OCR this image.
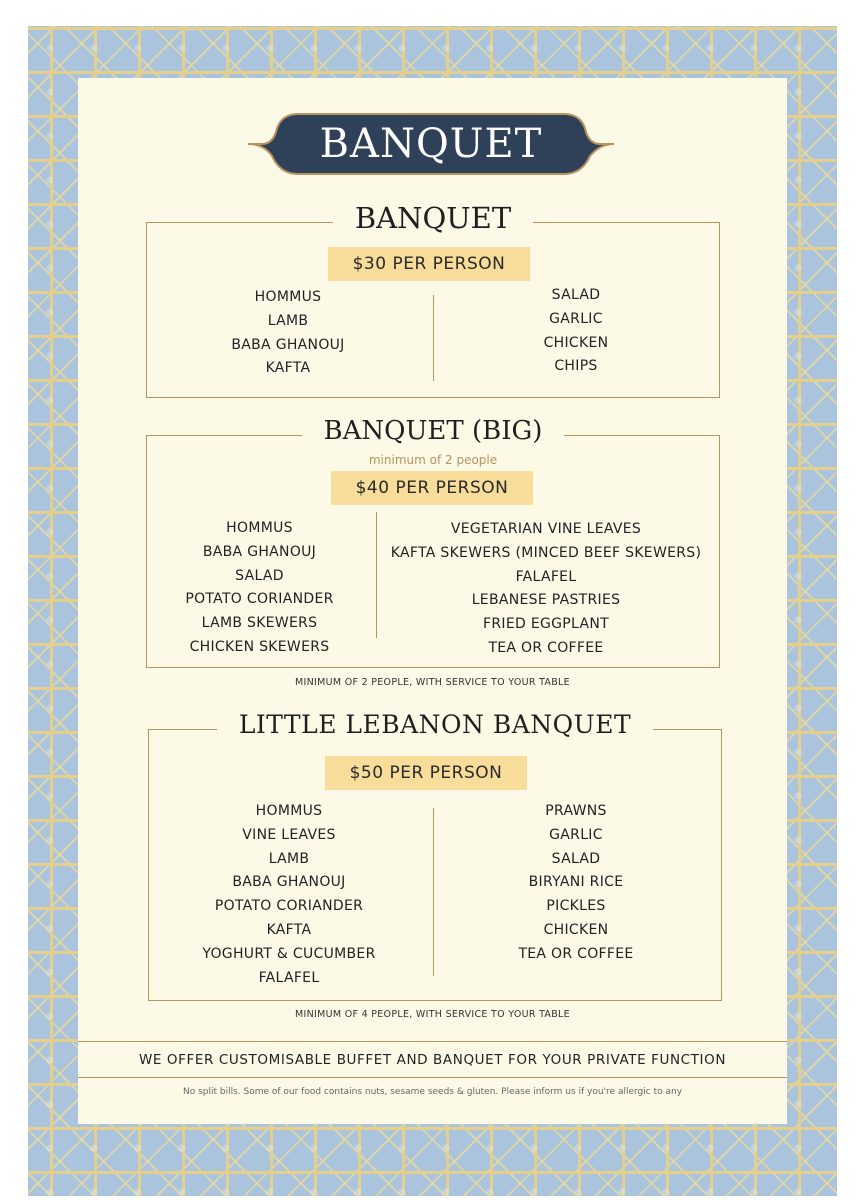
BANQUET
BANQUET
$30 PER PERSON
HOMMUS
LAMB
BABA GHANOUJ
KAFTA
SALAD
GARLIC
CHICKEN
CHIPS
BANQUET (BIG)
minimum of 2 people
$40 PER PERSON
HOMMUS
BABA GHANOUJ
SALAD
POTATO CORIANDER
LAMB SKEWERS
CHICKEN SKEWERS
VEGETARIAN VINE LEAVES
KAFTA SKEWERS (MINCED BEEF SKEWERS)
FALAFEL
LEBANESE PASTRIES
FRIED EGGPLANT
TEA OR COFFEE
MINIMUM OF 2 PEOPLE, WITH SERVICE TO YOUR TABLE
LITTLE LEBANON BANQUET
$50 PER PERSON
HOMMUS
VINE LEAVES
LAMB
BABA GHANOUJ
POTATO CORIANDER
KAFTA
YOGHURT & CUCUMBER
FALAFEL
PRAWNS
GARLIC
SALAD
BIRYANI RICE
PICKLES
CHICKEN
TEA OR COFFEE
MINIMUM OF 4 PEOPLE, WITH SERVICE TO YOUR TABLE
WE OFFER CUSTOMISABLE BUFFET AND BANQUET FOR YOUR PRIVATE FUNCTION
No split bills. Some of our food contains nuts, sesame seeds & gluten. Please inform us if you're allergic to any
